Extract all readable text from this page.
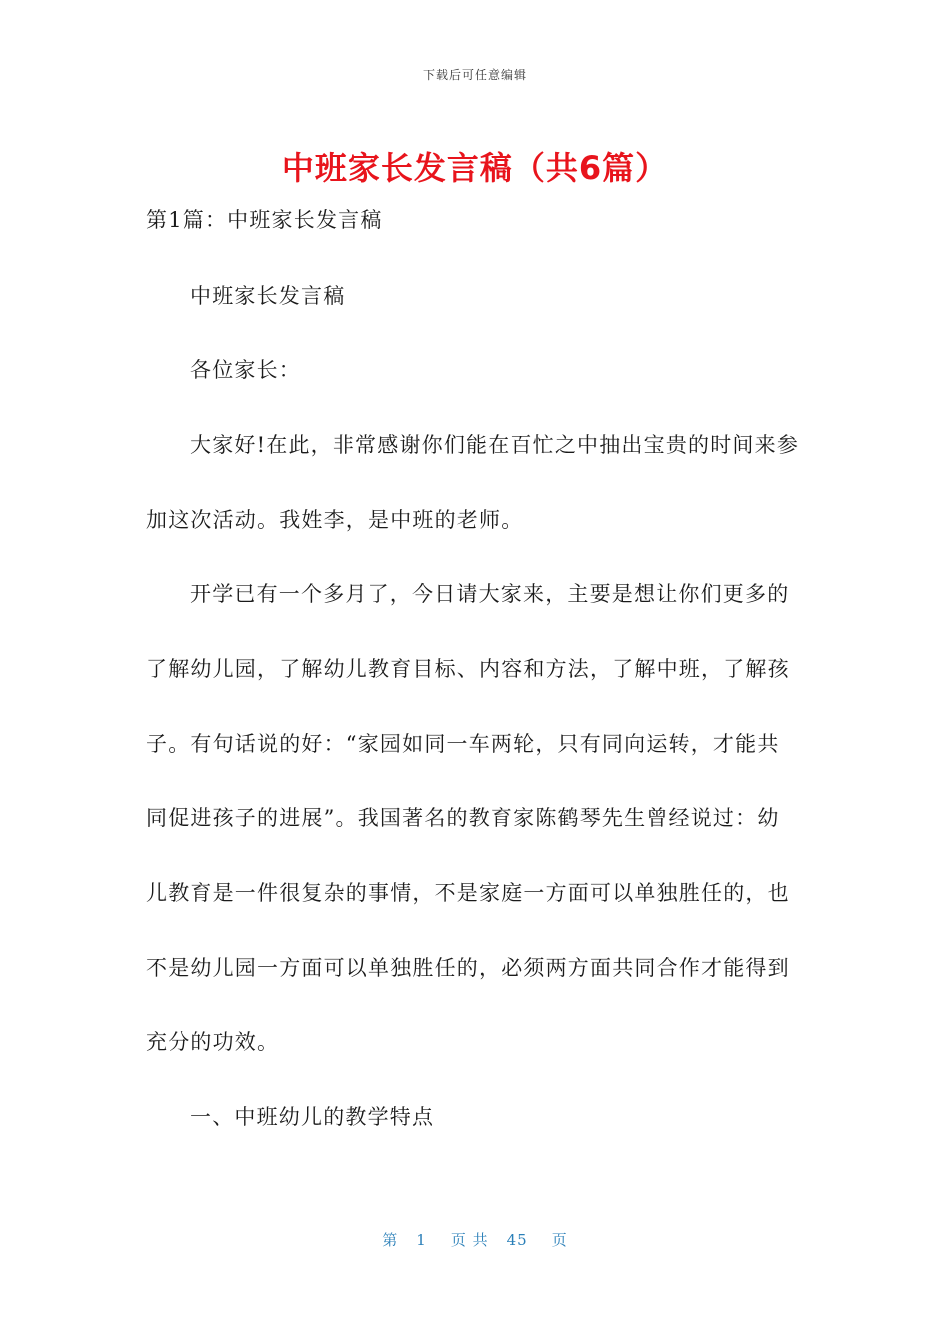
下载后可任意编辑
中班家长发言稿（共6篇）
第1篇：中班家长发言稿
中班家长发言稿
各位家长：
大家好!在此，非常感谢你们能在百忙之中抽出宝贵的时间来参
加这次活动。我姓李，是中班的老师。
开学已有一个多月了，今日请大家来，主要是想让你们更多的
了解幼儿园，了解幼儿教育目标、内容和方法，了解中班，了解孩
子。有句话说的好：“家园如同一车两轮，只有同向运转，才能共
同促进孩子的进展”。我国著名的教育家陈鹤琴先生曾经说过：幼
儿教育是一件很复杂的事情，不是家庭一方面可以单独胜任的，也
不是幼儿园一方面可以单独胜任的，必须两方面共同合作才能得到
充分的功效。
一、中班幼儿的教学特点
第 1 页 共 45 页
